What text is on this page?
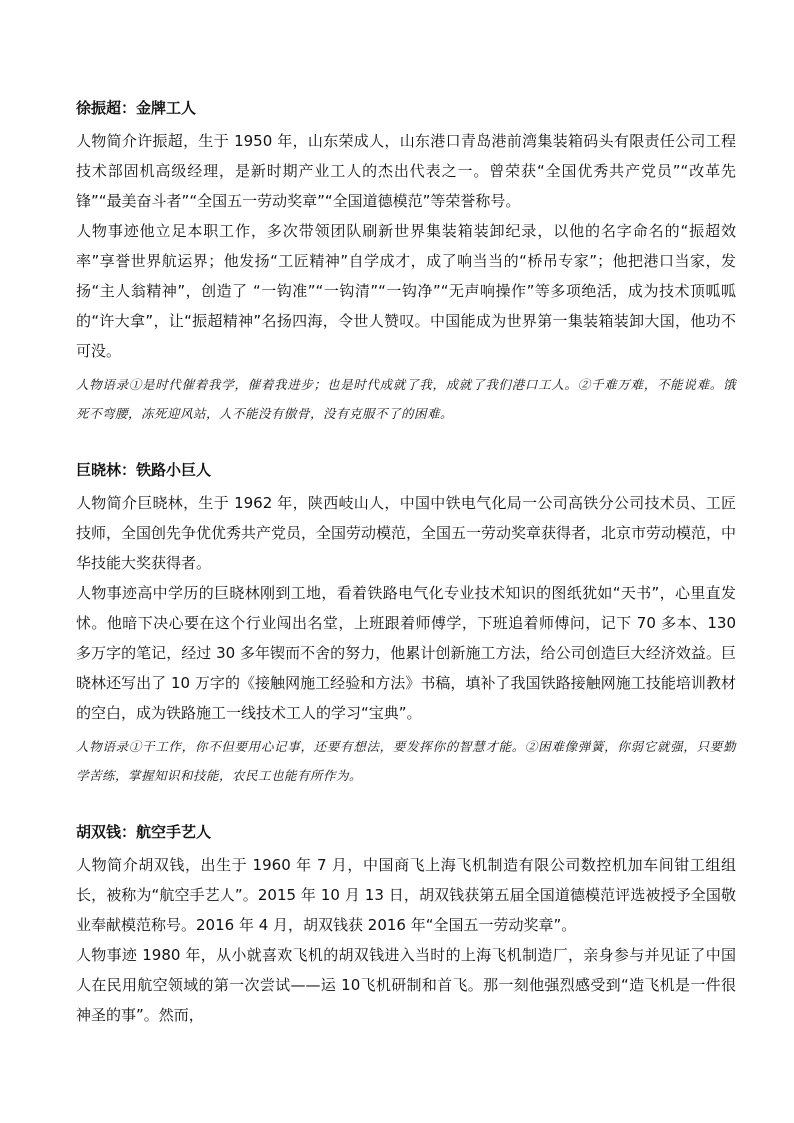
徐振超：金牌工人

人物简介许振超，生于 1950 年，山东荣成人，山东港口青岛港前湾集装箱码头有限责任公司工程技术部固机高级经理，是新时期产业工人的杰出代表之一。曾荣获“全国优秀共产党员”“改革先锋”“最美奋斗者”“全国五一劳动奖章”“全国道德模范”等荣誉称号。

人物事迹他立足本职工作，多次带领团队刷新世界集装箱装卸纪录，以他的名字命名的“振超效率”享誉世界航运界；他发扬“工匠精神”自学成才，成了响当当的“桥吊专家”；他把港口当家，发扬“主人翁精神”，创造了 “一钩准”“一钩清”“一钩净”“无声响操作”等多项绝活，成为技术顶呱呱的“许大拿”，让“振超精神”名扬四海，令世人赞叹。中国能成为世界第一集装箱装卸大国，他功不可没。

人物语录①是时代催着我学，催着我进步；也是时代成就了我，成就了我们港口工人。②千难万难，不能说难。饿死不弯腰，冻死迎风站，人不能没有傲骨，没有克服不了的困难。

巨晓林：铁路小巨人

人物简介巨晓林，生于 1962 年，陕西岐山人，中国中铁电气化局一公司高铁分公司技术员、工匠技师，全国创先争优优秀共产党员，全国劳动模范，全国五一劳动奖章获得者，北京市劳动模范，中华技能大奖获得者。

人物事迹高中学历的巨晓林刚到工地，看着铁路电气化专业技术知识的图纸犹如“天书”，心里直发怵。他暗下决心要在这个行业闯出名堂，上班跟着师傅学，下班追着师傅问，记下 70 多本、130 多万字的笔记，经过 30 多年锲而不舍的努力，他累计创新施工方法，给公司创造巨大经济效益。巨晓林还写出了 10 万字的《接触网施工经验和方法》书稿，填补了我国铁路接触网施工技能培训教材的空白，成为铁路施工一线技术工人的学习“宝典”。

人物语录①干工作，你不但要用心记事，还要有想法，要发挥你的智慧才能。②困难像弹簧，你弱它就强，只要勤学苦练，掌握知识和技能，农民工也能有所作为。

胡双钱：航空手艺人

人物简介胡双钱，出生于 1960 年 7 月，中国商飞上海飞机制造有限公司数控机加车间钳工组组长，被称为“航空手艺人”。2015 年 10 月 13 日，胡双钱获第五届全国道德模范评选被授予全国敬业奉献模范称号。2016 年 4 月，胡双钱获 2016 年“全国五一劳动奖章”。

人物事迹 1980 年，从小就喜欢飞机的胡双钱进入当时的上海飞机制造厂，亲身参与并见证了中国人在民用航空领域的第一次尝试——运 10飞机研制和首飞。那一刻他强烈感受到“造飞机是一件很神圣的事”。然而，
